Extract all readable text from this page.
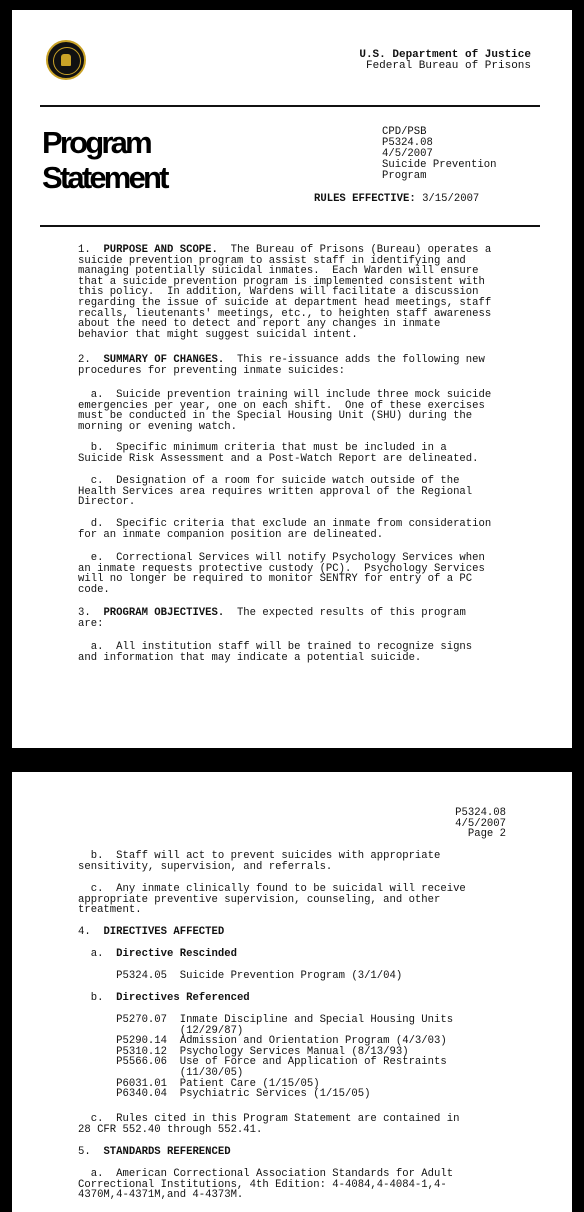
U.S. Department of Justice
Federal Bureau of Prisons
Program
Statement
CPD/PSB
P5324.08
4/5/2007
Suicide Prevention
Program
RULES EFFECTIVE: 3/15/2007
1.  PURPOSE AND SCOPE.  The Bureau of Prisons (Bureau) operates a
suicide prevention program to assist staff in identifying and
managing potentially suicidal inmates.  Each Warden will ensure
that a suicide prevention program is implemented consistent with
this policy.  In addition, Wardens will facilitate a discussion
regarding the issue of suicide at department head meetings, staff
recalls, lieutenants' meetings, etc., to heighten staff awareness
about the need to detect and report any changes in inmate
behavior that might suggest suicidal intent.
2.  SUMMARY OF CHANGES.  This re-issuance adds the following new
procedures for preventing inmate suicides:
a.  Suicide prevention training will include three mock suicide
emergencies per year, one on each shift.  One of these exercises
must be conducted in the Special Housing Unit (SHU) during the
morning or evening watch.
b.  Specific minimum criteria that must be included in a
Suicide Risk Assessment and a Post-Watch Report are delineated.
c.  Designation of a room for suicide watch outside of the
Health Services area requires written approval of the Regional
Director.
d.  Specific criteria that exclude an inmate from consideration
for an inmate companion position are delineated.
e.  Correctional Services will notify Psychology Services when
an inmate requests protective custody (PC).  Psychology Services
will no longer be required to monitor SENTRY for entry of a PC
code.
3.  PROGRAM OBJECTIVES.  The expected results of this program
are:
a.  All institution staff will be trained to recognize signs
and information that may indicate a potential suicide.
P5324.08
4/5/2007
Page 2
b.  Staff will act to prevent suicides with appropriate
sensitivity, supervision, and referrals.
c.  Any inmate clinically found to be suicidal will receive
appropriate preventive supervision, counseling, and other
treatment.
4.  DIRECTIVES AFFECTED
a.  Directive Rescinded
P5324.05  Suicide Prevention Program (3/1/04)
b.  Directives Referenced
P5270.07  Inmate Discipline and Special Housing Units
(12/29/87)
P5290.14  Admission and Orientation Program (4/3/03)
P5310.12  Psychology Services Manual (8/13/93)
P5566.06  Use of Force and Application of Restraints
(11/30/05)
P6031.01  Patient Care (1/15/05)
P6340.04  Psychiatric Services (1/15/05)
c.  Rules cited in this Program Statement are contained in
28 CFR 552.40 through 552.41.
5.  STANDARDS REFERENCED
a.  American Correctional Association Standards for Adult
Correctional Institutions, 4th Edition: 4-4084,4-4084-1,4-
4370M,4-4371M,and 4-4373M.
